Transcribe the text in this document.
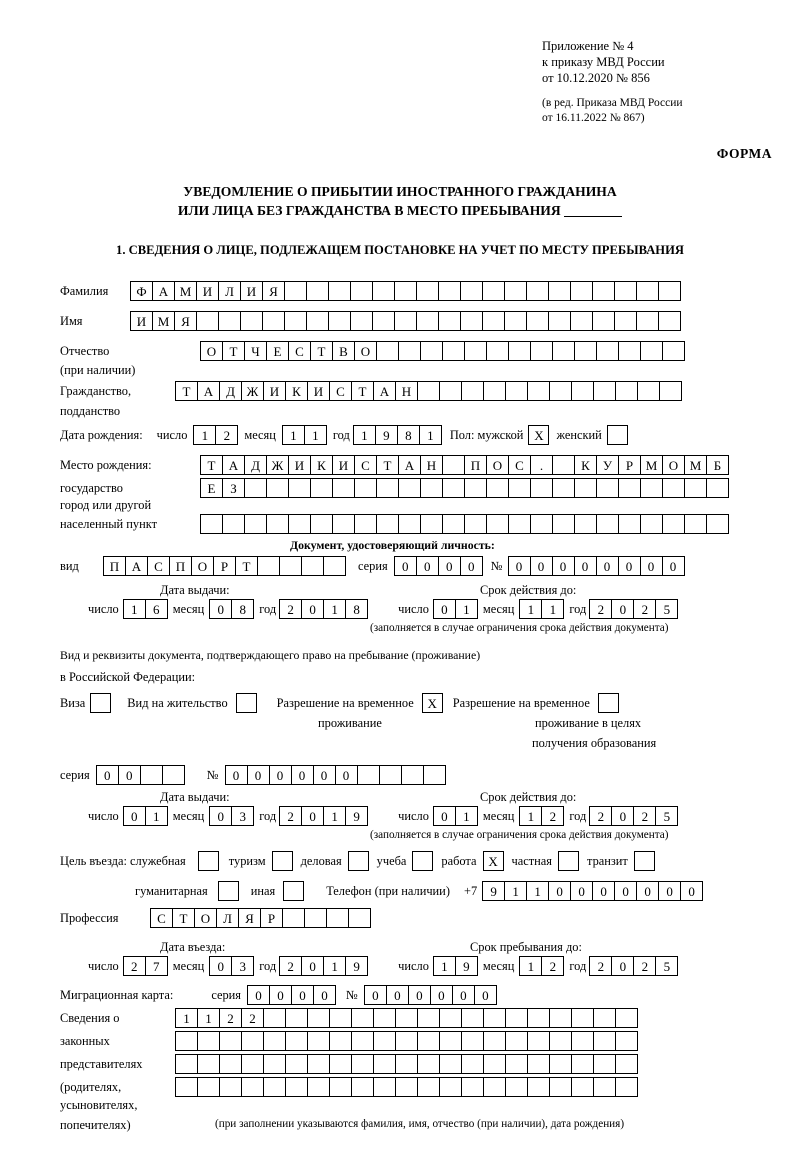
Приложение № 4
к приказу МВД России
от 10.12.2020 № 856
(в ред. Приказа МВД России
от 16.11.2022 № 867)
ФОРМА
УВЕДОМЛЕНИЕ О ПРИБЫТИИ ИНОСТРАННОГО ГРАЖДАНИНА
ИЛИ ЛИЦА БЕЗ ГРАЖДАНСТВА В МЕСТО ПРЕБЫВАНИЯ
1. СВЕДЕНИЯ О ЛИЦЕ, ПОДЛЕЖАЩЕМ ПОСТАНОВКЕ НА УЧЕТ ПО МЕСТУ ПРЕБЫВАНИЯ
Фамилия	Ф А М И Л И Я
Имя	И М Я
Отчество	О	Т	Ч	Е	С	Т	В О
(при наличии)
Гражданство,	Т	А Д Ж И К И С	Т	А Н
подданство
Дата рождения: число	1	2	месяц	1	1	год 1	9	8	1	Пол: мужской X	женский
Место рождения:	Т	А Д Ж И К И С	Т	А Н	П О С	.	К	У	Р М О М Б
государство	Е	З
город или другой
населенный пункт
Документ, удостоверяющий личность:
вид	П А С П О	Р	Т	серия	0	0	0	0	№	0	0	0	0	0	0	0	0
Дата выдачи:	Срок действия до:
число 1	6	месяц	0	8	год 2	0	1	8	число 0	1	месяц	1	1	год 2	0	2	5
(заполняется в случае ограничения срока действия документа)
Вид и реквизиты документа, подтверждающего право на пребывание (проживание)
в Российской Федерации:
Виза	Вид на жительство	Разрешение на временное	X	Разрешение на временное
проживание	проживание в целях
получения образования
серия	0	0	№	0	0	0	0	0	0
Дата выдачи:	Срок действия до:
число 0	1	месяц	0	3	год 2	0	1	9	число 0	1	месяц	1	2	год 2	0	2	5
(заполняется в случае ограничения срока действия документа)
Цель въезда: служебная	туризм	деловая	учеба	работа X	частная	транзит
гуманитарная	иная	Телефон (при наличии) +7	9	1	1	0	0	0	0	0	0	0
Профессия	С	Т	О Л	Я	Р
Дата въезда:	Срок пребывания до:
число 2	7	месяц	0	3	год 2	0	1	9	число 1	9	месяц	1	2	год 2	0	2	5
Миграционная карта:	серия	0	0	0	0	№	0	0	0	0	0	0
Сведения о	1	1	2	2
законных
представителях
(родителях,
усыновителях,
попечителях)	(при заполнении указываются фамилия, имя, отчество (при наличии), дата рождения)
